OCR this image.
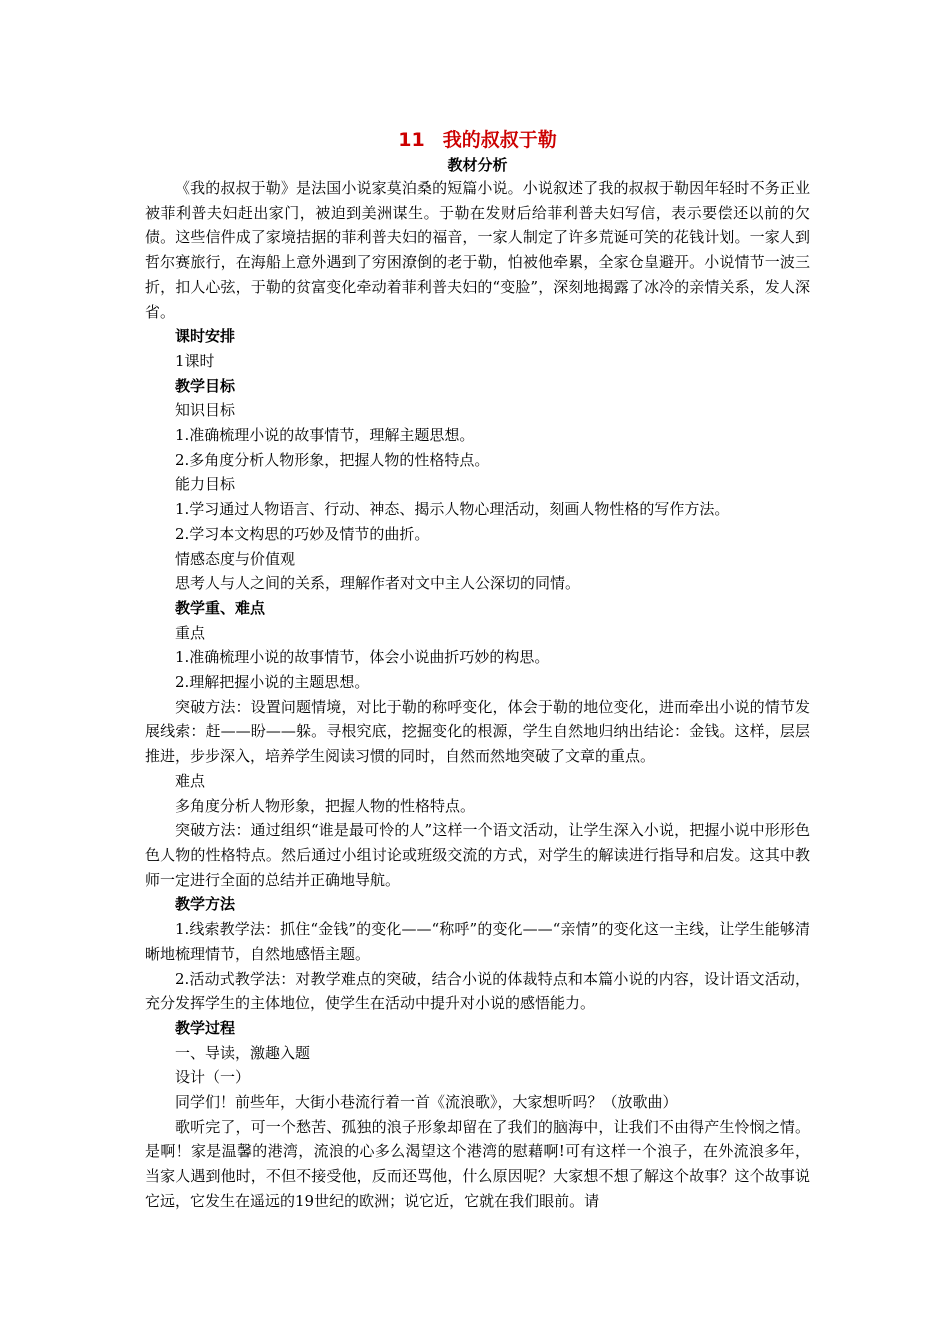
11 我的叔叔于勒
教材分析

《我的叔叔于勒》是法国小说家莫泊桑的短篇小说。小说叙述了我的叔叔于勒因年轻时不务正业被菲利普夫妇赶出家门，被迫到美洲谋生。于勒在发财后给菲利普夫妇写信，表示要偿还以前的欠债。这些信件成了家境拮据的菲利普夫妇的福音，一家人制定了许多荒诞可笑的花钱计划。一家人到哲尔赛旅行，在海船上意外遇到了穷困潦倒的老于勒，怕被他牵累，全家仓皇避开。小说情节一波三折，扣人心弦，于勒的贫富变化牵动着菲利普夫妇的“变脸”，深刻地揭露了冰冷的亲情关系，发人深省。

课时安排

1课时

教学目标

知识目标

1.准确梳理小说的故事情节，理解主题思想。

2.多角度分析人物形象，把握人物的性格特点。

能力目标

1.学习通过人物语言、行动、神态、揭示人物心理活动，刻画人物性格的写作方法。

2.学习本文构思的巧妙及情节的曲折。

情感态度与价值观

思考人与人之间的关系，理解作者对文中主人公深切的同情。

教学重、难点

重点

1.准确梳理小说的故事情节，体会小说曲折巧妙的构思。

2.理解把握小说的主题思想。

突破方法：设置问题情境，对比于勒的称呼变化，体会于勒的地位变化，进而牵出小说的情节发展线索：赶——盼——躲。寻根究底，挖掘变化的根源，学生自然地归纳出结论：金钱。这样，层层推进，步步深入，培养学生阅读习惯的同时，自然而然地突破了文章的重点。

难点

多角度分析人物形象，把握人物的性格特点。

突破方法：通过组织“谁是最可怜的人”这样一个语文活动，让学生深入小说，把握小说中形形色色人物的性格特点。然后通过小组讨论或班级交流的方式，对学生的解读进行指导和启发。这其中教师一定进行全面的总结并正确地导航。

教学方法

1.线索教学法：抓住“金钱”的变化——“称呼”的变化——“亲情”的变化这一主线，让学生能够清晰地梳理情节，自然地感悟主题。

2.活动式教学法：对教学难点的突破，结合小说的体裁特点和本篇小说的内容，设计语文活动，充分发挥学生的主体地位，使学生在活动中提升对小说的感悟能力。

教学过程

一、导读，激趣入题

设计（一）

同学们！前些年，大街小巷流行着一首《流浪歌》，大家想听吗？（放歌曲）

歌听完了，可一个愁苦、孤独的浪子形象却留在了我们的脑海中，让我们不由得产生怜悯之情。是啊！家是温馨的港湾，流浪的心多么渴望这个港湾的慰藉啊!可有这样一个浪子，在外流浪多年，当家人遇到他时，不但不接受他，反而还骂他，什么原因呢？大家想不想了解这个故事？这个故事说它远，它发生在遥远的19世纪的欧洲；说它近，它就在我们眼前。请
